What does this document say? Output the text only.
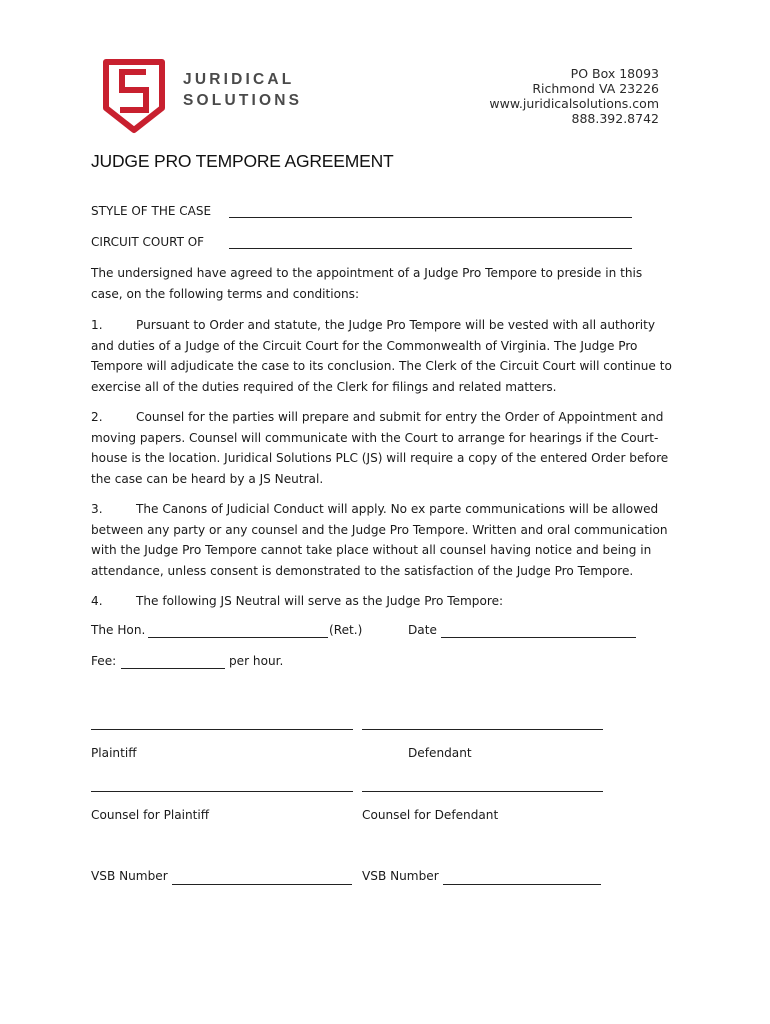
JURIDICAL
SOLUTIONS
PO Box 18093
Richmond VA 23226
www.juridicalsolutions.com
888.392.8742
JUDGE PRO TEMPORE AGREEMENT
STYLE OF THE CASE
CIRCUIT COURT OF
The undersigned have agreed to the appointment of a Judge Pro Tempore to preside in this case, on the following terms and conditions:
1.	Pursuant to Order and statute, the Judge Pro Tempore will be vested with all authority and duties of a Judge of the Circuit Court for the Commonwealth of Virginia. The Judge Pro Tempore will adjudicate the case to its conclusion. The Clerk of the Circuit Court will continue to exercise all of the duties required of the Clerk for filings and related matters.
2.	Counsel for the parties will prepare and submit for entry the Order of Appointment and moving papers. Counsel will communicate with the Court to arrange for hearings if the Court-house is the location. Juridical Solutions PLC (JS) will require a copy of the entered Order before the case can be heard by a JS Neutral.
3.	The Canons of Judicial Conduct will apply. No ex parte communications will be allowed between any party or any counsel and the Judge Pro Tempore. Written and oral communication with the Judge Pro Tempore cannot take place without all counsel having notice and being in attendance, unless consent is demonstrated to the satisfaction of the Judge Pro Tempore.
4.	The following JS Neutral will serve as the Judge Pro Tempore:
The Hon.	(Ret.)	Date
Fee:	per hour.
Plaintiff	Defendant
Counsel for Plaintiff	Counsel for Defendant
VSB Number	VSB Number
